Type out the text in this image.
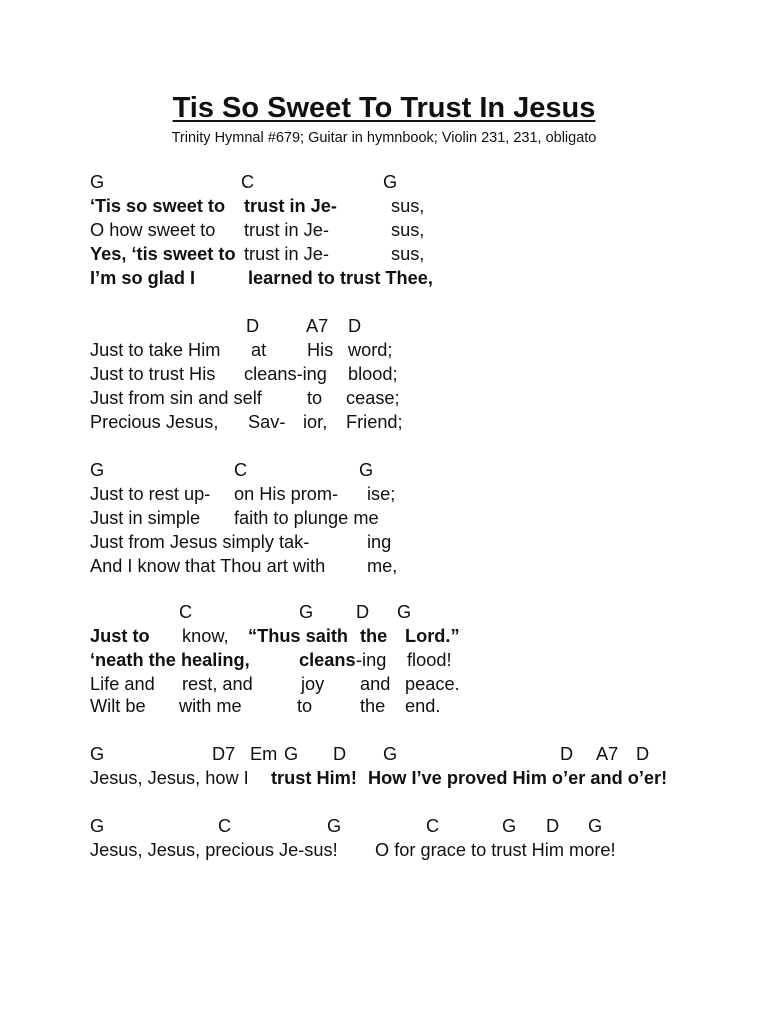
Tis So Sweet To Trust In Jesus
Trinity Hymnal #679; Guitar in hymnbook; Violin 231, 231, obligato
G	C	G
‘Tis so sweet to trust in Je-	sus,
O how sweet to trust in Je-	sus,
Yes, ‘tis sweet to trust in Je-	sus,
I’m so glad I	learned to trust Thee,
D	A7 D
Just to take Him at His word;
Just to trust His cleans-ing blood;
Just from sin and self to cease;
Precious Jesus, Sav- ior, Friend;
G	C	G
Just to rest up- on His prom- ise;
Just in simple faith to plunge me
Just from Jesus simply tak-	ing
And I know that Thou art with me,
C	G D G
Just to know, “Thus saith the Lord.”
‘neath the healing,	cleans -ing flood!
Life and rest, and	joy and peace.
Wilt be with me	to	the end.
G	D7 Em G D G	D A7 D
Jesus, Jesus, how I trust Him! How I’ve proved Him o’er and o’er!
G	C	G	C	G D G
Jesus, Jesus, precious Je-sus! O for grace to trust Him more!
